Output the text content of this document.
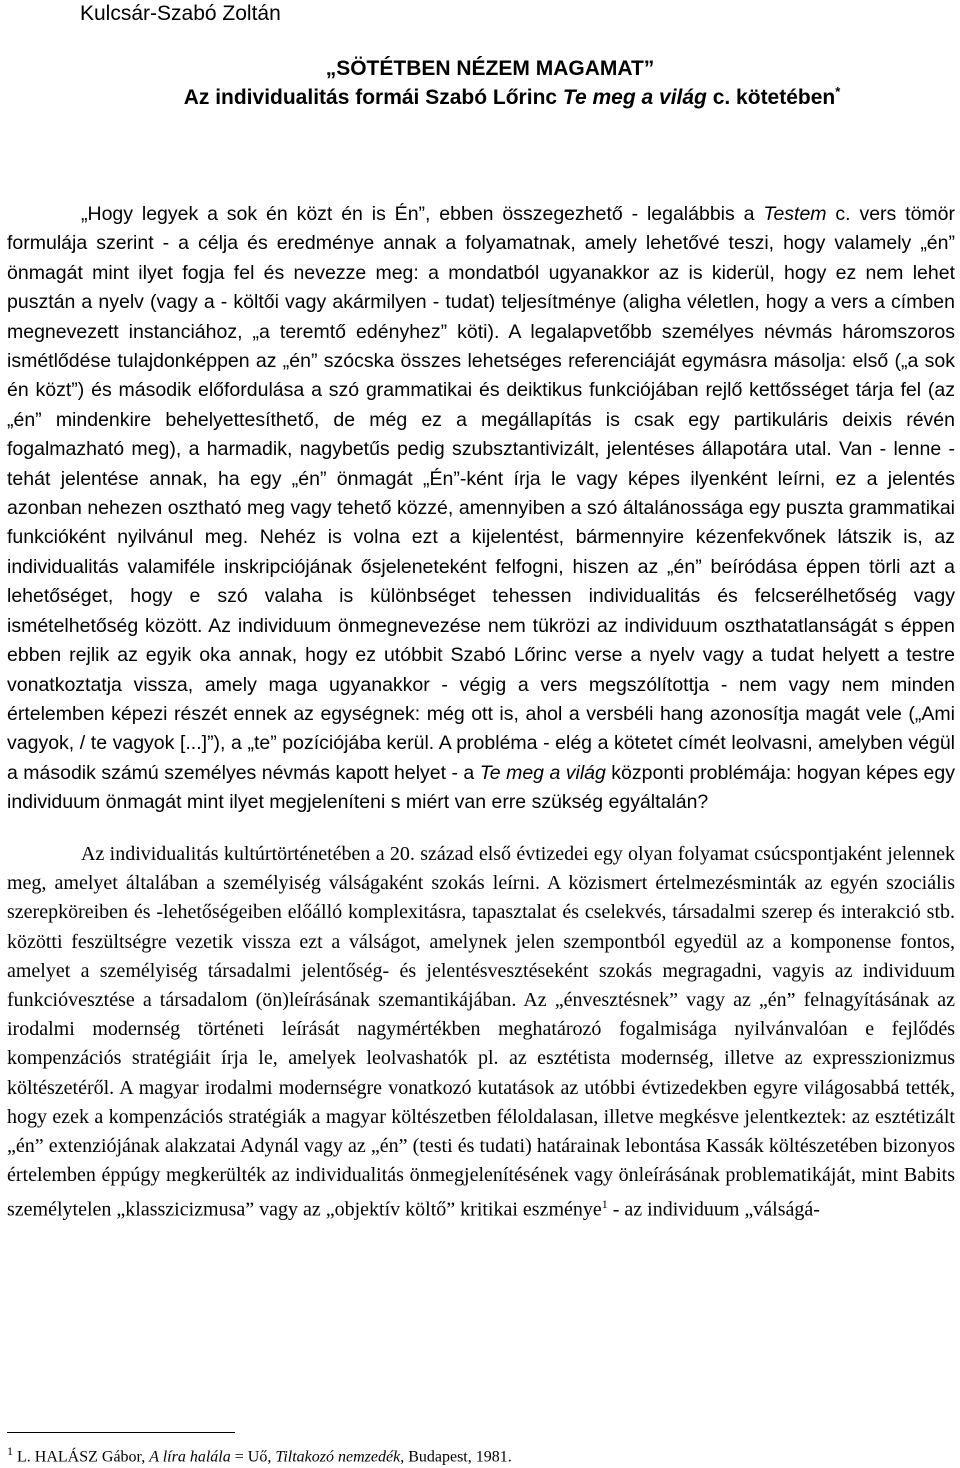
Kulcsár-Szabó Zoltán
„SÖTÉTBEN NÉZEM MAGAMAT”
Az individualitás formái Szabó Lőrinc Te meg a világ c. kötetében*

„Hogy legyek a sok én közt én is Én”, ebben összegezhető - legalábbis a Testem c. vers tömör formulája szerint - a célja és eredménye annak a folyamatnak, amely lehetővé teszi, hogy valamely „én” önmagát mint ilyet fogja fel és nevezze meg: a mondatból ugyanakkor az is kiderül, hogy ez nem lehet pusztán a nyelv (vagy a - költői vagy akármilyen - tudat) teljesítménye (aligha véletlen, hogy a vers a címben megnevezett instanciához, „a teremtő edényhez” köti). A legalapvetőbb személyes névmás háromszoros ismétlődése tulajdonképpen az „én” szócska összes lehetséges referenciáját egymásra másolja: első („a sok én közt”) és második előfordulása a szó grammatikai és deiktikus funkciójában rejlő kettősséget tárja fel (az „én” mindenkire behelyettesíthető, de még ez a megállapítás is csak egy partikuláris deixis révén fogalmazható meg), a harmadik, nagybetűs pedig szubsztantivizált, jelentéses állapotára utal. Van - lenne - tehát jelentése annak, ha egy „én” önmagát „Én”-ként írja le vagy képes ilyenként leírni, ez a jelentés azonban nehezen osztható meg vagy tehető közzé, amennyiben a szó általánossága egy puszta grammatikai funkcióként nyilvánul meg. Nehéz is volna ezt a kijelentést, bármennyire kézenfekvőnek látszik is, az individualitás valamiféle inskripciójának ősjeleneteként felfogni, hiszen az „én” beíródása éppen törli azt a lehetőséget, hogy e szó valaha is különbséget tehessen individualitás és felcserélhetőség vagy ismételhetőség között. Az individuum önmegnevezése nem tükrözi az individuum oszthatatlanságát s éppen ebben rejlik az egyik oka annak, hogy ez utóbbit Szabó Lőrinc verse a nyelv vagy a tudat helyett a testre vonatkoztatja vissza, amely maga ugyanakkor - végig a vers megszólítottja - nem vagy nem minden értelemben képezi részét ennek az egységnek: még ott is, ahol a versbéli hang azonosítja magát vele („Ami vagyok, / te vagyok [...]”), a „te” pozíciójába kerül. A probléma - elég a kötetet címét leolvasni, amelyben végül a második számú személyes névmás kapott helyet - a Te meg a világ központi problémája: hogyan képes egy individuum önmagát mint ilyet megjeleníteni s miért van erre szükség egyáltalán?

Az individualitás kultúrtörténetében a 20. század első évtizedei egy olyan folyamat csúcspontjaként jelennek meg, amelyet általában a személyiség válságaként szokás leírni. A közismert értelmezésminták az egyén szociális szerepköreiben és -lehetőségeiben előálló komplexitásra, tapasztalat és cselekvés, társadalmi szerep és interakció stb. közötti feszültségre vezetik vissza ezt a válságot, amelynek jelen szempontból egyedül az a komponense fontos, amelyet a személyiség társadalmi jelentőség- és jelentésvesztéseként szokás megragadni, vagyis az individuum funkcióvesztése a társadalom (ön)leírásának szemantikájában. Az „énvesztésnek” vagy az „én” felnagyításának az irodalmi modernség történeti leírását nagymértékben meghatározó fogalmisága nyilvánvalóan e fejlődés kompenzációs stratégiáit írja le, amelyek leolvashatók pl. az esztétista modernség, illetve az expresszionizmus költészetéről. A magyar irodalmi modernségre vonatkozó kutatások az utóbbi évtizedekben egyre világosabbá tették, hogy ezek a kompenzációs stratégiák a magyar költészetben féloldalasan, illetve megkésve jelentkeztek: az esztétizált „én” extenziójának alakzatai Adynál vagy az „én” (testi és tudati) határainak lebontása Kassák költészetében bizonyos értelemben éppúgy megkerülték az individualitás önmegjelenítésének vagy önleírásának problematikáját, mint Babits személytelen „klasszicizmusa” vagy az „objektív költő” kritikai eszménye$^1$ - az individuum „válságá-

$^1$ L. HALÁSZ Gábor, A líra halála = Uő, Tiltakozó nemzedék, Budapest, 1981.
